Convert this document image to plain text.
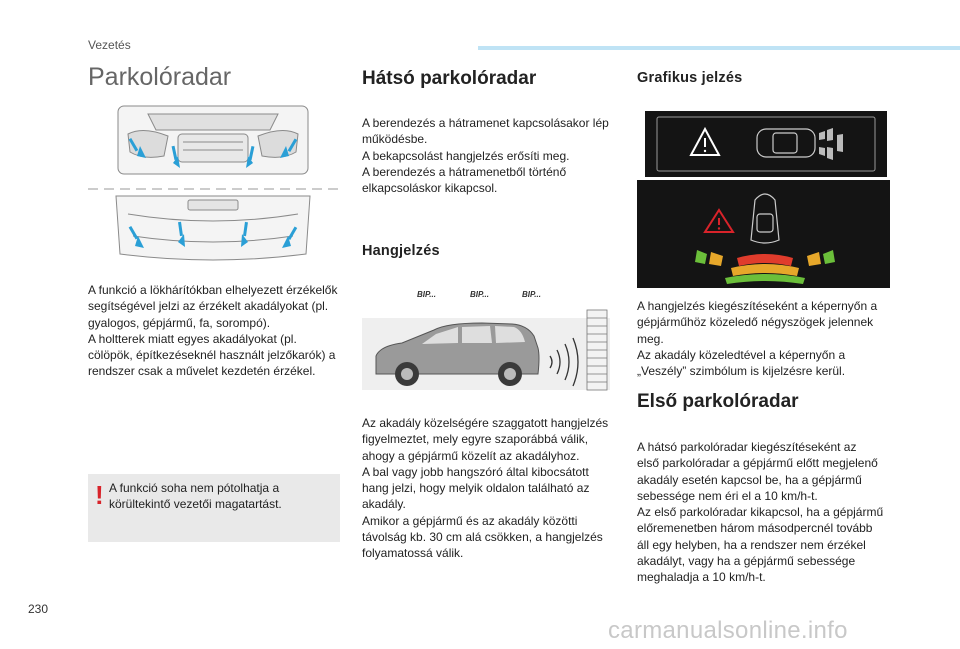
Vezetés
230
carmanualsonline.info
Parkolóradar

A funkció a lökhárítókban elhelyezett érzékelők
segítségével jelzi az érzékelt akadályokat (pl.
gyalogos, gépjármű, fa, sorompó).
A holtterek miatt egyes akadályokat (pl.
cölöpök, építkezéseknél használt jelzőkarók) a
rendszer csak a művelet kezdetén érzékel.

! A funkció soha nem pótolhatja a
körültekintő vezetői magatartást.

Hátsó parkolóradar

A berendezés a hátramenet kapcsolásakor lép
működésbe.
A bekapcsolást hangjelzés erősíti meg.
A berendezés a hátramenetből történő
elkapcsoláskor kikapcsol.

Hangjelzés
BIP...	BIP...	BIP...

Az akadály közelségére szaggatott hangjelzés
figyelmeztet, mely egyre szaporábbá válik,
ahogy a gépjármű közelít az akadályhoz.
A bal vagy jobb hangszóró által kibocsátott
hang jelzi, hogy melyik oldalon található az
akadály.
Amikor a gépjármű és az akadály közötti
távolság kb. 30 cm alá csökken, a hangjelzés
folyamatossá válik.

Grafikus jelzés

A hangjelzés kiegészítéseként a képernyőn a
gépjárműhöz közeledő négyszögek jelennek
meg.
Az akadály közeledtével a képernyőn a
„Veszély” szimbólum is kijelzésre kerül.

Első parkolóradar

A hátsó parkolóradar kiegészítéseként az
első parkolóradar a gépjármű előtt megjelenő
akadály esetén kapcsol be, ha a gépjármű
sebessége nem éri el a 10 km/h-t.
Az első parkolóradar kikapcsol, ha a gépjármű
előremenetben három másodpercnél tovább
áll egy helyben, ha a rendszer nem érzékel
akadályt, vagy ha a gépjármű sebessége
meghaladja a 10 km/h-t.
